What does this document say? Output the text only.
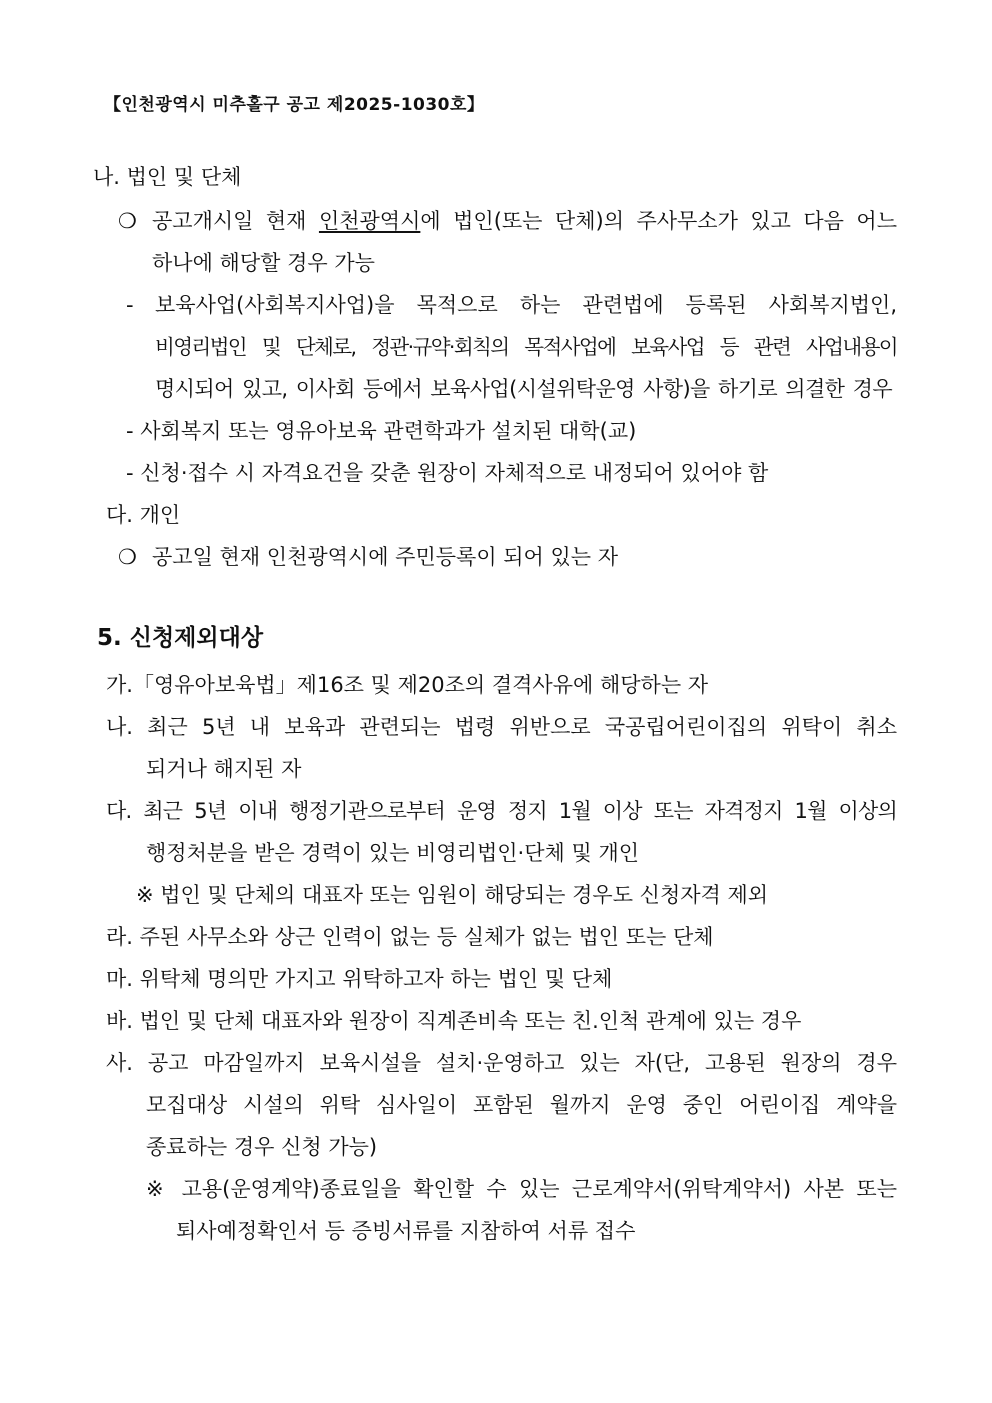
【인천광역시 미추홀구 공고 제2025-1030호】
나. 법인 및 단체
❍ 공고개시일 현재 인천광역시에 법인(또는 단체)의 주사무소가 있고 다음 어느
하나에 해당할 경우 가능
- 보육사업(사회복지사업)을 목적으로 하는 관련법에 등록된 사회복지법인,
비영리법인 및 단체로, 정관·규약·회칙의 목적사업에 보육사업 등 관련 사업내용이
명시되어 있고, 이사회 등에서 보육사업(시설위탁운영 사항)을 하기로 의결한 경우
- 사회복지 또는 영유아보육 관련학과가 설치된 대학(교)
- 신청·접수 시 자격요건을 갖춘 원장이 자체적으로 내정되어 있어야 함
다. 개인
❍ 공고일 현재 인천광역시에 주민등록이 되어 있는 자
5. 신청제외대상
가.「영유아보육법」제16조 및 제20조의 결격사유에 해당하는 자
나. 최근 5년 내 보육과 관련되는 법령 위반으로 국공립어린이집의 위탁이 취소
되거나 해지된 자
다. 최근 5년 이내 행정기관으로부터 운영 정지 1월 이상 또는 자격정지 1월 이상의
행정처분을 받은 경력이 있는 비영리법인·단체 및 개인
※ 법인 및 단체의 대표자 또는 임원이 해당되는 경우도 신청자격 제외
라. 주된 사무소와 상근 인력이 없는 등 실체가 없는 법인 또는 단체
마. 위탁체 명의만 가지고 위탁하고자 하는 법인 및 단체
바. 법인 및 단체 대표자와 원장이 직계존비속 또는 친.인척 관계에 있는 경우
사. 공고 마감일까지 보육시설을 설치·운영하고 있는 자(단, 고용된 원장의 경우
모집대상 시설의 위탁 심사일이 포함된 월까지 운영 중인 어린이집 계약을
종료하는 경우 신청 가능)
※ 고용(운영계약)종료일을 확인할 수 있는 근로계약서(위탁계약서) 사본 또는
퇴사예정확인서 등 증빙서류를 지참하여 서류 접수
